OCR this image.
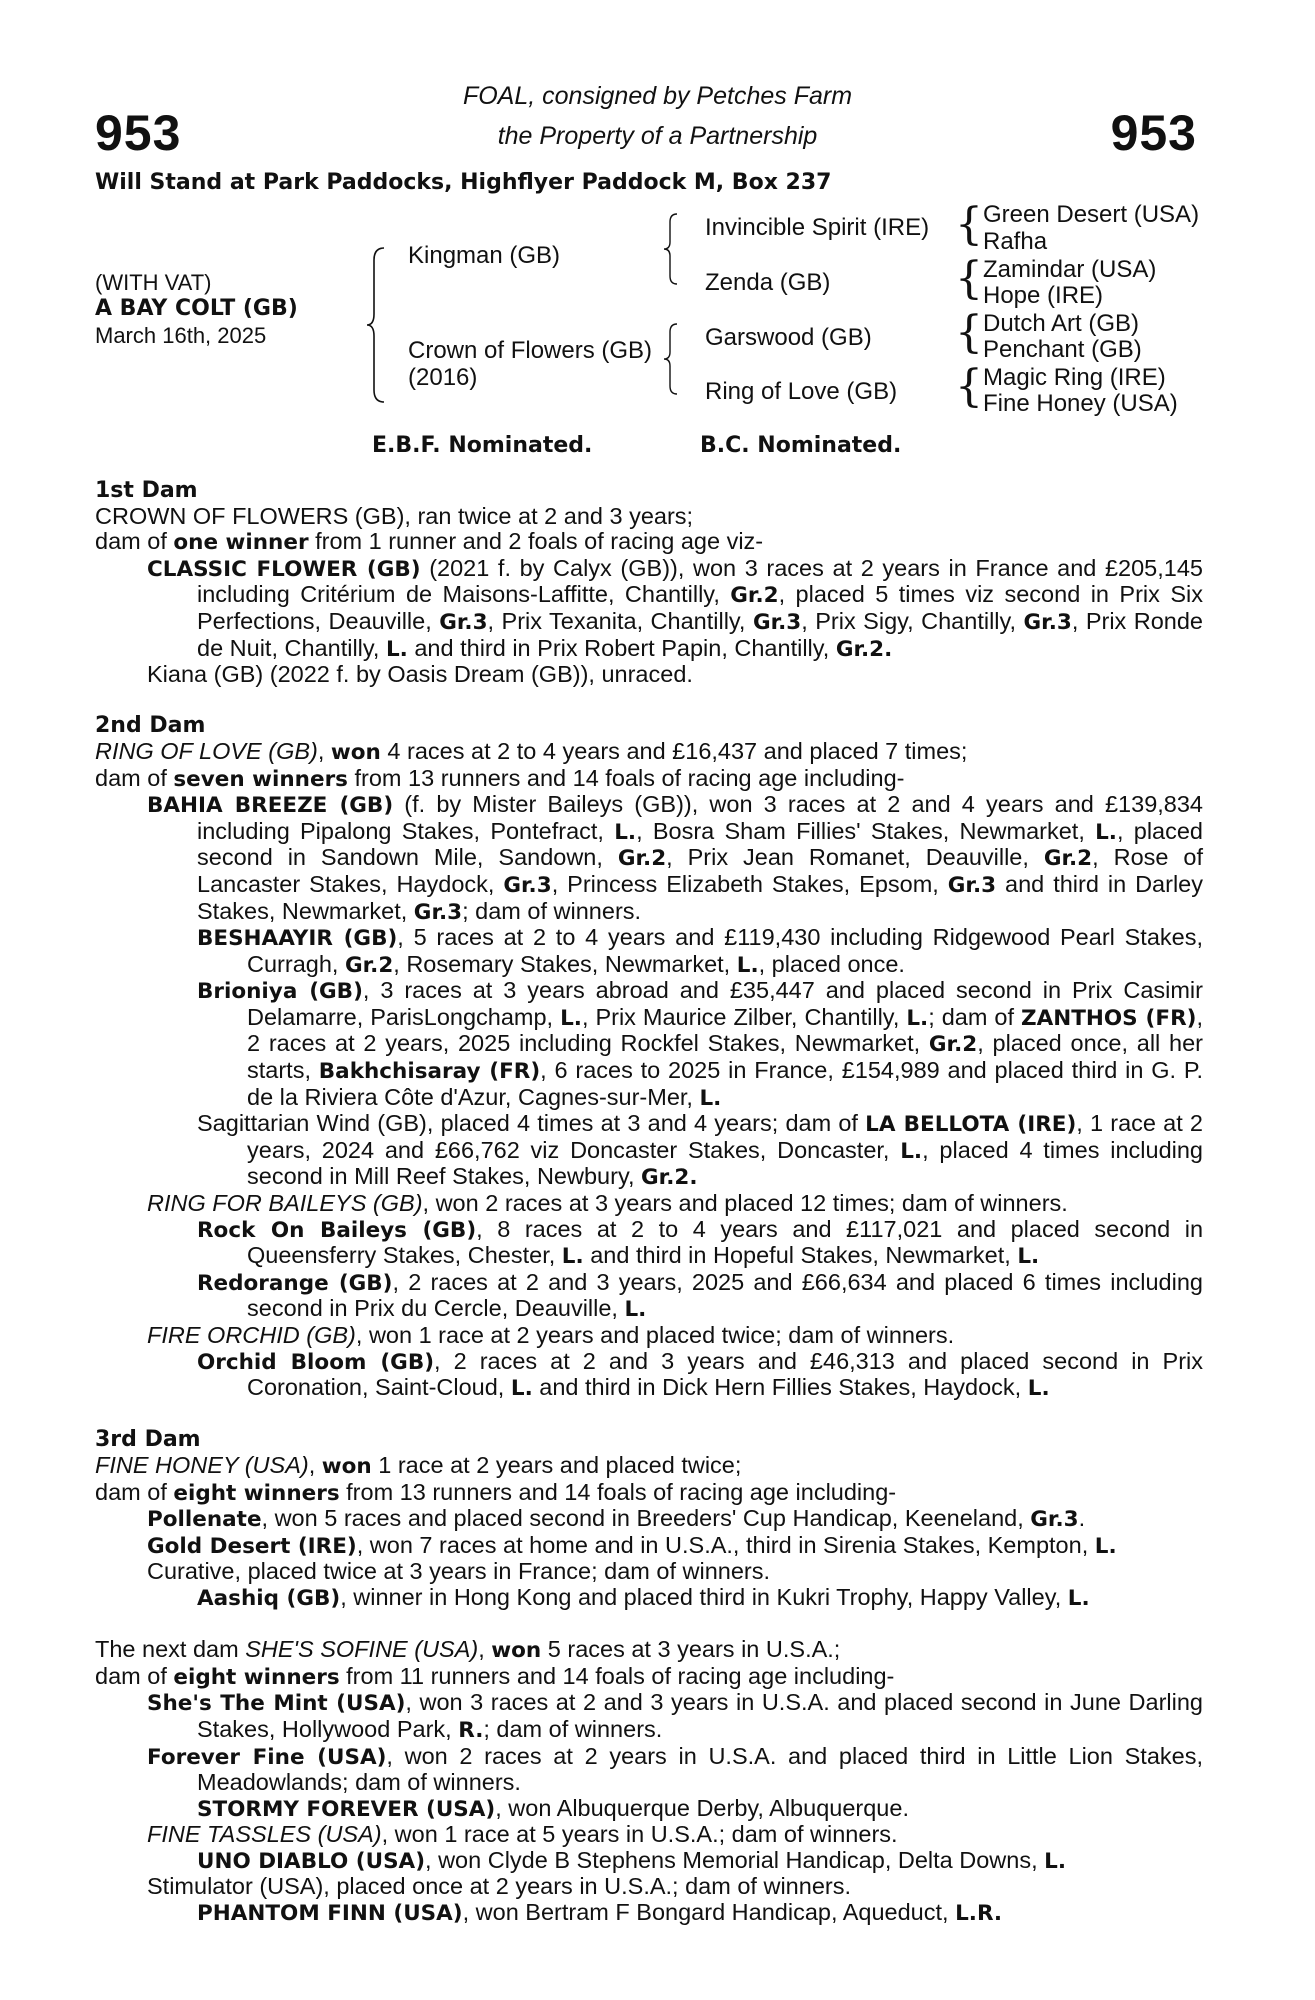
953	953
FOAL, consigned by Petches Farm
the Property of a Partnership
Will Stand at Park Paddocks, Highflyer Paddock M, Box 237
(WITH VAT)
A BAY COLT (GB)
March 16th, 2025
{
{
{
{
Kingman (GB)
Crown of Flowers (GB)
(2016)
Invincible Spirit (IRE)
Zenda (GB)
Garswood (GB)
Ring of Love (GB)
Green Desert (USA)
Rafha
Zamindar (USA)
Hope (IRE)
Dutch Art (GB)
Penchant (GB)
Magic Ring (IRE)
Fine Honey (USA)
E.B.F. Nominated.	B.C. Nominated.
1st Dam
CROWN OF FLOWERS (GB), ran twice at 2 and 3 years;
dam of one winner from 1 runner and 2 foals of racing age viz-
CLASSIC FLOWER (GB) (2021 f. by Calyx (GB)), won 3 races at 2 years in France and £205,145 including Critérium de Maisons-Laffitte, Chantilly, Gr.2, placed 5 times viz second in Prix Six Perfections, Deauville, Gr.3, Prix Texanita, Chantilly, Gr.3, Prix Sigy, Chantilly, Gr.3, Prix Ronde de Nuit, Chantilly, L. and third in Prix Robert Papin, Chantilly, Gr.2.
Kiana (GB) (2022 f. by Oasis Dream (GB)), unraced.
2nd Dam
RING OF LOVE (GB), won 4 races at 2 to 4 years and £16,437 and placed 7 times;
dam of seven winners from 13 runners and 14 foals of racing age including-
BAHIA BREEZE (GB) (f. by Mister Baileys (GB)), won 3 races at 2 and 4 years and £139,834 including Pipalong Stakes, Pontefract, L., Bosra Sham Fillies' Stakes, Newmarket, L., placed second in Sandown Mile, Sandown, Gr.2, Prix Jean Romanet, Deauville, Gr.2, Rose of Lancaster Stakes, Haydock, Gr.3, Princess Elizabeth Stakes, Epsom, Gr.3 and third in Darley Stakes, Newmarket, Gr.3; dam of winners.
BESHAAYIR (GB), 5 races at 2 to 4 years and £119,430 including Ridgewood Pearl Stakes, Curragh, Gr.2, Rosemary Stakes, Newmarket, L., placed once.
Brioniya (GB), 3 races at 3 years abroad and £35,447 and placed second in Prix Casimir Delamarre, ParisLongchamp, L., Prix Maurice Zilber, Chantilly, L.; dam of ZANTHOS (FR), 2 races at 2 years, 2025 including Rockfel Stakes, Newmarket, Gr.2, placed once, all her starts, Bakhchisaray (FR), 6 races to 2025 in France, £154,989 and placed third in G. P. de la Riviera Côte d'Azur, Cagnes-sur-Mer, L.
Sagittarian Wind (GB), placed 4 times at 3 and 4 years; dam of LA BELLOTA (IRE), 1 race at 2 years, 2024 and £66,762 viz Doncaster Stakes, Doncaster, L., placed 4 times including second in Mill Reef Stakes, Newbury, Gr.2.
RING FOR BAILEYS (GB), won 2 races at 3 years and placed 12 times; dam of winners.
Rock On Baileys (GB), 8 races at 2 to 4 years and £117,021 and placed second in Queensferry Stakes, Chester, L. and third in Hopeful Stakes, Newmarket, L.
Redorange (GB), 2 races at 2 and 3 years, 2025 and £66,634 and placed 6 times including second in Prix du Cercle, Deauville, L.
FIRE ORCHID (GB), won 1 race at 2 years and placed twice; dam of winners.
Orchid Bloom (GB), 2 races at 2 and 3 years and £46,313 and placed second in Prix Coronation, Saint-Cloud, L. and third in Dick Hern Fillies Stakes, Haydock, L.
3rd Dam
FINE HONEY (USA), won 1 race at 2 years and placed twice;
dam of eight winners from 13 runners and 14 foals of racing age including-
Pollenate, won 5 races and placed second in Breeders' Cup Handicap, Keeneland, Gr.3.
Gold Desert (IRE), won 7 races at home and in U.S.A., third in Sirenia Stakes, Kempton, L.
Curative, placed twice at 3 years in France; dam of winners.
Aashiq (GB), winner in Hong Kong and placed third in Kukri Trophy, Happy Valley, L.
The next dam SHE'S SOFINE (USA), won 5 races at 3 years in U.S.A.;
dam of eight winners from 11 runners and 14 foals of racing age including-
She's The Mint (USA), won 3 races at 2 and 3 years in U.S.A. and placed second in June Darling Stakes, Hollywood Park, R.; dam of winners.
Forever Fine (USA), won 2 races at 2 years in U.S.A. and placed third in Little Lion Stakes, Meadowlands; dam of winners.
STORMY FOREVER (USA), won Albuquerque Derby, Albuquerque.
FINE TASSLES (USA), won 1 race at 5 years in U.S.A.; dam of winners.
UNO DIABLO (USA), won Clyde B Stephens Memorial Handicap, Delta Downs, L.
Stimulator (USA), placed once at 2 years in U.S.A.; dam of winners.
PHANTOM FINN (USA), won Bertram F Bongard Handicap, Aqueduct, L.R.
